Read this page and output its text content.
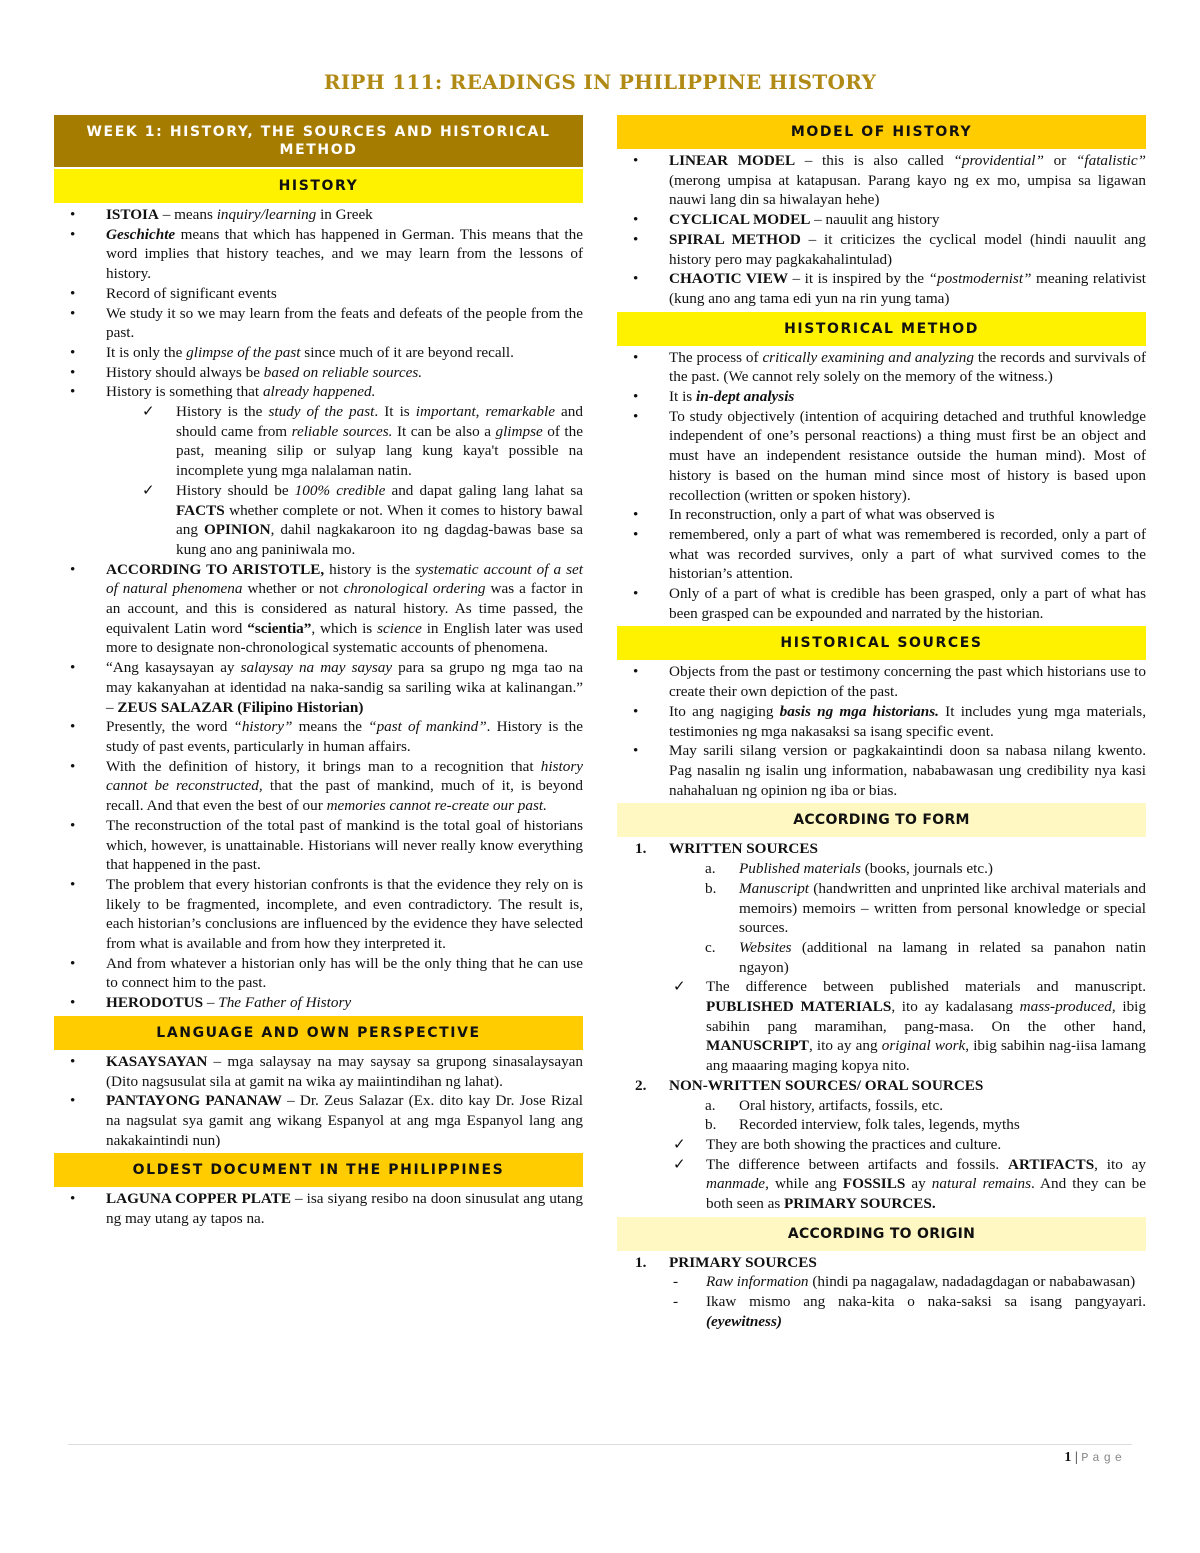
RIPH 111: READINGS IN PHILIPPINE HISTORY
WEEK 1: HISTORY, THE SOURCES AND HISTORICAL METHOD
HISTORY
• ISTOIA – means inquiry/learning in Greek
• Geschichte means that which has happened in German. This means that the word implies that history teaches, and we may learn from the lessons of history.
• Record of significant events
• We study it so we may learn from the feats and defeats of the people from the past.
• It is only the glimpse of the past since much of it are beyond recall.
• History should always be based on reliable sources.
• History is something that already happened.
✓ History is the study of the past. It is important, remarkable and should came from reliable sources. It can be also a glimpse of the past, meaning silip or sulyap lang kung kaya't possible na incomplete yung mga nalalaman natin.
✓ History should be 100% credible and dapat galing lang lahat sa FACTS whether complete or not. When it comes to history bawal ang OPINION, dahil nagkakaroon ito ng dagdag-bawas base sa kung ano ang paniniwala mo.
• ACCORDING TO ARISTOTLE, history is the systematic account of a set of natural phenomena whether or not chronological ordering was a factor in an account, and this is considered as natural history. As time passed, the equivalent Latin word “scientia”, which is science in English later was used more to designate non-chronological systematic accounts of phenomena.
• “Ang kasaysayan ay salaysay na may saysay para sa grupo ng mga tao na may kakanyahan at identidad na naka-sandig sa sariling wika at kalinangan.” – ZEUS SALAZAR (Filipino Historian)
• Presently, the word “history” means the “past of mankind”. History is the study of past events, particularly in human affairs.
• With the definition of history, it brings man to a recognition that history cannot be reconstructed, that the past of mankind, much of it, is beyond recall. And that even the best of our memories cannot re-create our past.
• The reconstruction of the total past of mankind is the total goal of historians which, however, is unattainable. Historians will never really know everything that happened in the past.
• The problem that every historian confronts is that the evidence they rely on is likely to be fragmented, incomplete, and even contradictory. The result is, each historian’s conclusions are influenced by the evidence they have selected from what is available and from how they interpreted it.
• And from whatever a historian only has will be the only thing that he can use to connect him to the past.
• HERODOTUS – The Father of History
LANGUAGE AND OWN PERSPECTIVE
• KASAYSAYAN – mga salaysay na may saysay sa grupong sinasalaysayan (Dito nagsusulat sila at gamit na wika ay maiintindihan ng lahat).
• PANTAYONG PANANAW – Dr. Zeus Salazar (Ex. dito kay Dr. Jose Rizal na nagsulat sya gamit ang wikang Espanyol at ang mga Espanyol lang ang nakakaintindi nun)
OLDEST DOCUMENT IN THE PHILIPPINES
• LAGUNA COPPER PLATE – isa siyang resibo na doon sinusulat ang utang ng may utang ay tapos na.
MODEL OF HISTORY
• LINEAR MODEL – this is also called “providential” or “fatalistic” (merong umpisa at katapusan. Parang kayo ng ex mo, umpisa sa ligawan nauwi lang din sa hiwalayan hehe)
• CYCLICAL MODEL – nauulit ang history
• SPIRAL METHOD – it criticizes the cyclical model (hindi nauulit ang history pero may pagkakahalintulad)
• CHAOTIC VIEW – it is inspired by the “postmodernist” meaning relativist (kung ano ang tama edi yun na rin yung tama)
HISTORICAL METHOD
• The process of critically examining and analyzing the records and survivals of the past. (We cannot rely solely on the memory of the witness.)
• It is in-dept analysis
• To study objectively (intention of acquiring detached and truthful knowledge independent of one’s personal reactions) a thing must first be an object and must have an independent resistance outside the human mind). Most of history is based on the human mind since most of history is based upon recollection (written or spoken history).
• In reconstruction, only a part of what was observed is
• remembered, only a part of what was remembered is recorded, only a part of what was recorded survives, only a part of what survived comes to the historian’s attention.
• Only of a part of what is credible has been grasped, only a part of what has been grasped can be expounded and narrated by the historian.
HISTORICAL SOURCES
• Objects from the past or testimony concerning the past which historians use to create their own depiction of the past.
• Ito ang nagiging basis ng mga historians. It includes yung mga materials, testimonies ng mga nakasaksi sa isang specific event.
• May sarili silang version or pagkakaintindi doon sa nabasa nilang kwento. Pag nasalin ng isalin ung information, nababawasan ung credibility nya kasi nahahaluan ng opinion ng iba or bias.
ACCORDING TO FORM
1. WRITTEN SOURCES
a. Published materials (books, journals etc.)
b. Manuscript (handwritten and unprinted like archival materials and memoirs) memoirs – written from personal knowledge or special sources.
c. Websites (additional na lamang in related sa panahon natin ngayon)
✓ The difference between published materials and manuscript. PUBLISHED MATERIALS, ito ay kadalasang mass-produced, ibig sabihin pang maramihan, pang-masa. On the other hand, MANUSCRIPT, ito ay ang original work, ibig sabihin nag-iisa lamang ang maaaring maging kopya nito.
2. NON-WRITTEN SOURCES/ ORAL SOURCES
a. Oral history, artifacts, fossils, etc.
b. Recorded interview, folk tales, legends, myths
✓ They are both showing the practices and culture.
✓ The difference between artifacts and fossils. ARTIFACTS, ito ay manmade, while ang FOSSILS ay natural remains. And they can be both seen as PRIMARY SOURCES.
ACCORDING TO ORIGIN
1. PRIMARY SOURCES
- Raw information (hindi pa nagagalaw, nadadagdagan or nababawasan)
- Ikaw mismo ang naka-kita o naka-saksi sa isang pangyayari. (eyewitness)
1 | Page
